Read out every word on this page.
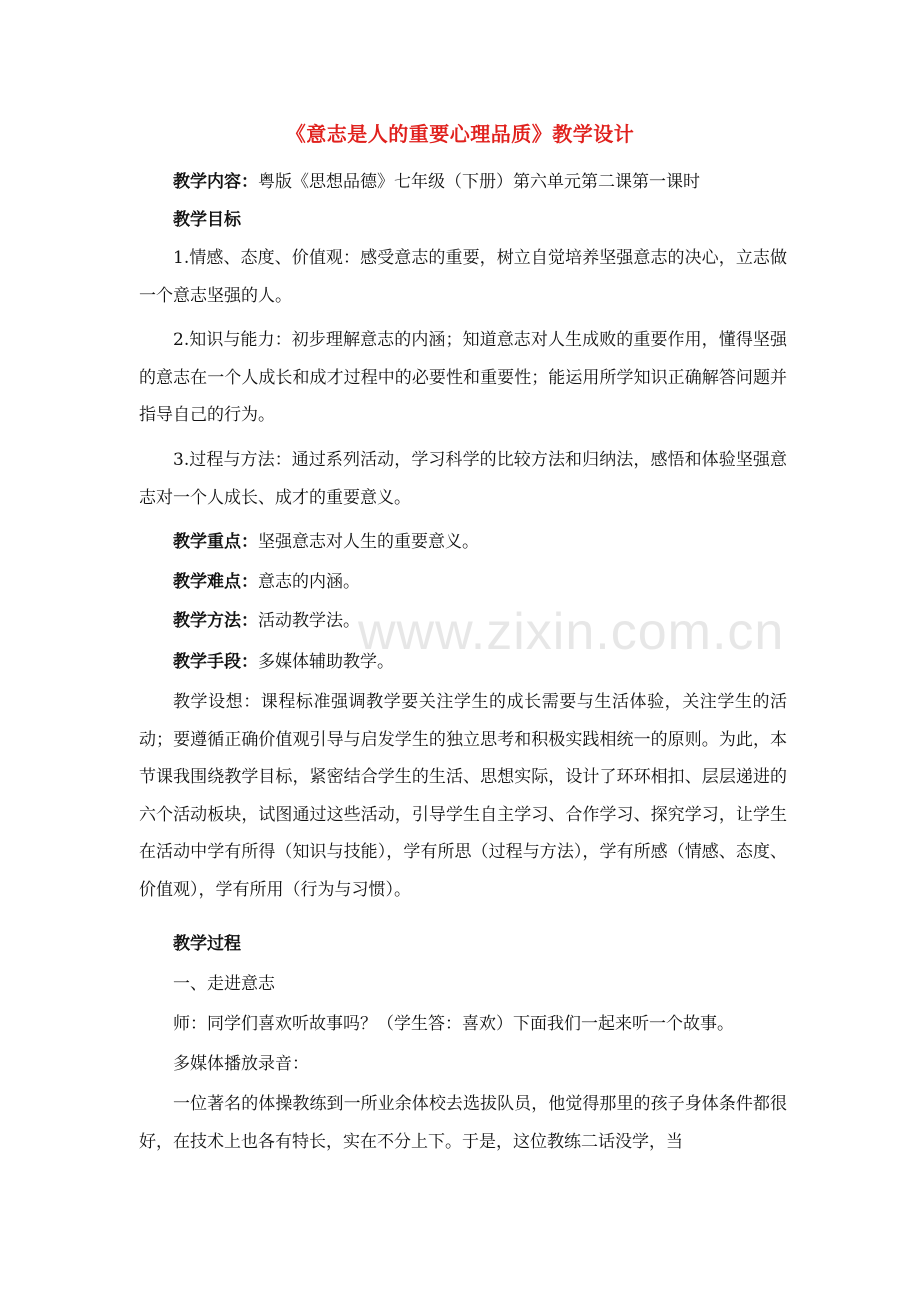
《意志是人的重要心理品质》教学设计

教学内容：粤版《思想品德》七年级（下册）第六单元第二课第一课时

教学目标

1.情感、态度、价值观：感受意志的重要，树立自觉培养坚强意志的决心，立志做一个意志坚强的人。

2.知识与能力：初步理解意志的内涵；知道意志对人生成败的重要作用，懂得坚强的意志在一个人成长和成才过程中的必要性和重要性；能运用所学知识正确解答问题并指导自己的行为。

3.过程与方法：通过系列活动，学习科学的比较方法和归纳法，感悟和体验坚强意志对一个人成长、成才的重要意义。

教学重点：坚强意志对人生的重要意义。

教学难点：意志的内涵。

教学方法：活动教学法。

教学手段：多媒体辅助教学。

教学设想：课程标准强调教学要关注学生的成长需要与生活体验，关注学生的活动；要遵循正确价值观引导与启发学生的独立思考和积极实践相统一的原则。为此，本节课我围绕教学目标，紧密结合学生的生活、思想实际，设计了环环相扣、层层递进的六个活动板块，试图通过这些活动，引导学生自主学习、合作学习、探究学习，让学生在活动中学有所得（知识与技能），学有所思（过程与方法），学有所感（情感、态度、价值观），学有所用（行为与习惯）。

教学过程

一、走进意志

师：同学们喜欢听故事吗？（学生答：喜欢）下面我们一起来听一个故事。

多媒体播放录音：

一位著名的体操教练到一所业余体校去选拔队员，他觉得那里的孩子身体条件都很好，在技术上也各有特长，实在不分上下。于是，这位教练二话没学，当

www.zixin.com.cn
